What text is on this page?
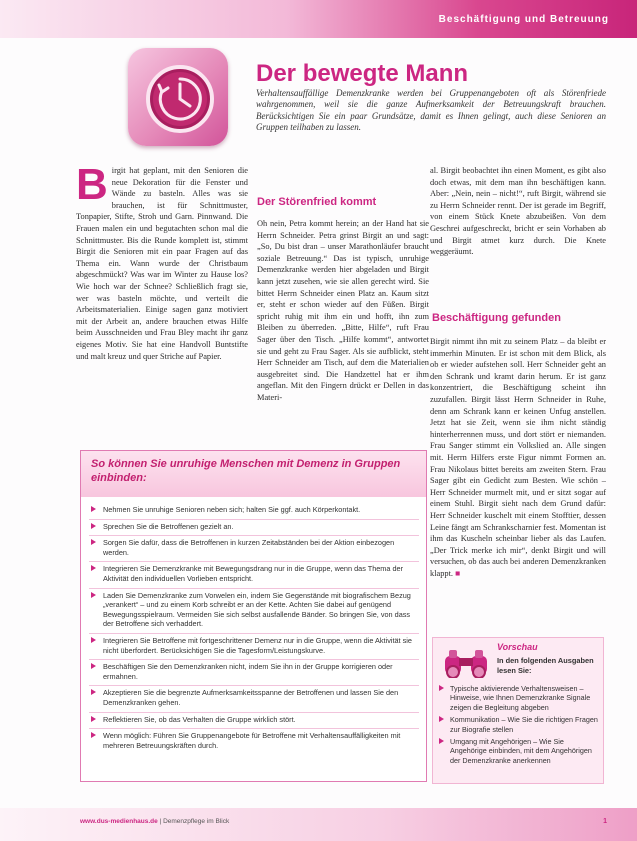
Beschäftigung und Betreuung
Der bewegte Mann
Verhaltensauffällige Demenzkranke werden bei Gruppenangeboten oft als Störenfriede wahrgenommen, weil sie die ganze Aufmerksamkeit der Betreuungskraft brauchen. Berücksichtigen Sie ein paar Grundsätze, damit es Ihnen gelingt, auch diese Senioren an Gruppen teilhaben zu lassen.
B irgit hat geplant, mit den Senioren die neue Dekoration für die Fenster und Wände zu basteln. Alles was sie brauchen, ist für Schnittmuster, Tonpapier, Stifte, Stroh und Garn. Pinnwand. Die Frauen malen ein und begutachten schon mal die Schnittmuster. Bis die Runde komplett ist, stimmt Birgit die Senioren mit ein paar Fragen auf das Thema ein. Wann wurde der Christbaum abgeschmückt? Was war im Winter zu Hause los? Wie hoch war der Schnee? Schließlich fragt sie, wer was basteln möchte, und verteilt die Arbeitsmaterialien. Einige sagen ganz motiviert mit der Arbeit an, andere brauchen etwas Hilfe beim Ausschneiden und Frau Bley macht ihr ganz eigenes Motiv. Sie hat eine Handvoll Buntstifte und malt kreuz und quer Striche auf Papier.

Der Störenfried kommt

Oh nein, Petra kommt herein; an der Hand hat sie Herrn Schneider. Petra grinst Birgit an und sagt: „So, Du bist dran – unser Marathonläufer braucht soziale Betreuung.“ Das ist typisch, unruhige Demenzkranke werden hier abgeladen und Birgit kann jetzt zusehen, wie sie allen gerecht wird. Sie bittet Herrn Schneider einen Platz an. Kaum sitzt er, steht er schon wieder auf den Füßen. Birgit spricht ruhig mit ihm ein und hofft, ihn zum Bleiben zu überreden. „Bitte, Hilfe“, ruft Frau Sager über den Tisch. „Hilfe kommt“, antwortet sie und geht zu Frau Sager. Als sie aufblickt, steht Herr Schneider am Tisch, auf dem die Materialien ausgebreitet sind. Die Handzettel hat er ihm angeflan. Mit den Fingern drückt er Dellen in das Materi-

al. Birgit beobachtet ihn einen Moment, es gibt also doch etwas, mit dem man ihn beschäftigen kann. Aber: „Nein, nein – nicht!“, ruft Birgit, während sie zu Herrn Schneider rennt. Der ist gerade im Begriff, von einem Stück Knete abzubeißen. Von dem Geschrei aufgeschreckt, bricht er sein Vorhaben ab und Birgit atmet kurz durch. Die Knete weggeräumt.

Beschäftigung gefunden

Birgit nimmt ihn mit zu seinem Platz – da bleibt er immerhin Minuten. Er ist schon mit dem Blick, als ob er wieder aufstehen soll. Herr Schneider geht an den Schrank und kramt darin herum. Er ist ganz konzentriert, die Beschäftigung scheint ihn zuzufallen. Birgit lässt Herrn Schneider in Ruhe, denn am Schrank kann er keinen Unfug anstellen. Jetzt hat sie Zeit, wenn sie ihm nicht ständig hinterherrennen muss, und dort stört er niemanden. Frau Sanger stimmt ein Volkslied an. Alle singen mit. Herrn Hilfers erste Figur nimmt Formen an. Frau Nikolaus bittet bereits am zweiten Stern. Frau Sager gibt ein Gedicht zum Besten. Wie schön – Herr Schneider murmelt mit, und er sitzt sogar auf einem Stuhl. Birgit sieht nach dem Grund dafür: Herr Schneider kuschelt mit einem Stofftier, dessen Leine fängt am Schrankscharnier fest. Momentan ist ihm das Kuscheln scheinbar lieber als das Laufen. „Der Trick merke ich mir“, denkt Birgit und will versuchen, ob das auch bei anderen Demenzkranken klappt. ■

So können Sie unruhige Menschen mit Demenz in Gruppen einbinden:
Nehmen Sie unruhige Senioren neben sich; halten Sie ggf. auch Körperkontakt.
Sprechen Sie die Betroffenen gezielt an.
Sorgen Sie dafür, dass die Betroffenen in kurzen Zeitabständen bei der Aktion einbezogen werden.
Integrieren Sie Demenzkranke mit Bewegungsdrang nur in die Gruppe, wenn das Thema der Aktivität den individuellen Vorlieben entspricht.
Laden Sie Demenzkranke zum Vorwelen ein, indem Sie Gegenstände mit biografischem Bezug „verankert“ – und zu einem Korb schreibt er an der Kette. Achten Sie dabei auf genügend Bewegungsspielraum. Vermeiden Sie sich selbst ausfallende Bänder. So bringen Sie, von dass der Betroffene sich verhaddert.
Integrieren Sie Betroffene mit fortgeschrittener Demenz nur in die Gruppe, wenn die Aktivität sie nicht überfordert. Berücksichtigen Sie die Tagesform/Leistungskurve.
Beschäftigen Sie den Demenzkranken nicht, indem Sie ihn in der Gruppe korrigieren oder ermahnen.
Akzeptieren Sie die begrenzte Aufmerksamkeitsspanne der Betroffenen und lassen Sie den Demenzkranken gehen.
Reflektieren Sie, ob das Verhalten die Gruppe wirklich stört.
Wenn möglich: Führen Sie Gruppenangebote für Betroffene mit Verhaltensauffälligkeiten mit mehreren Betreuungskräften durch.
Vorschau
In den folgenden Ausgaben lesen Sie:
Typische aktivierende Verhaltensweisen – Hinweise, wie Ihnen Demenzkranke Signale zeigen die Begleitung abgeben
Kommunikation – Wie Sie die richtigen Fragen zur Biografie stellen
Umgang mit Angehörigen – Wie Sie Angehörige einbinden, mit dem Angehörigen der Demenzkranke anerkennen
www.dus-medienhaus.de | Demenzpflege im Blick	1
